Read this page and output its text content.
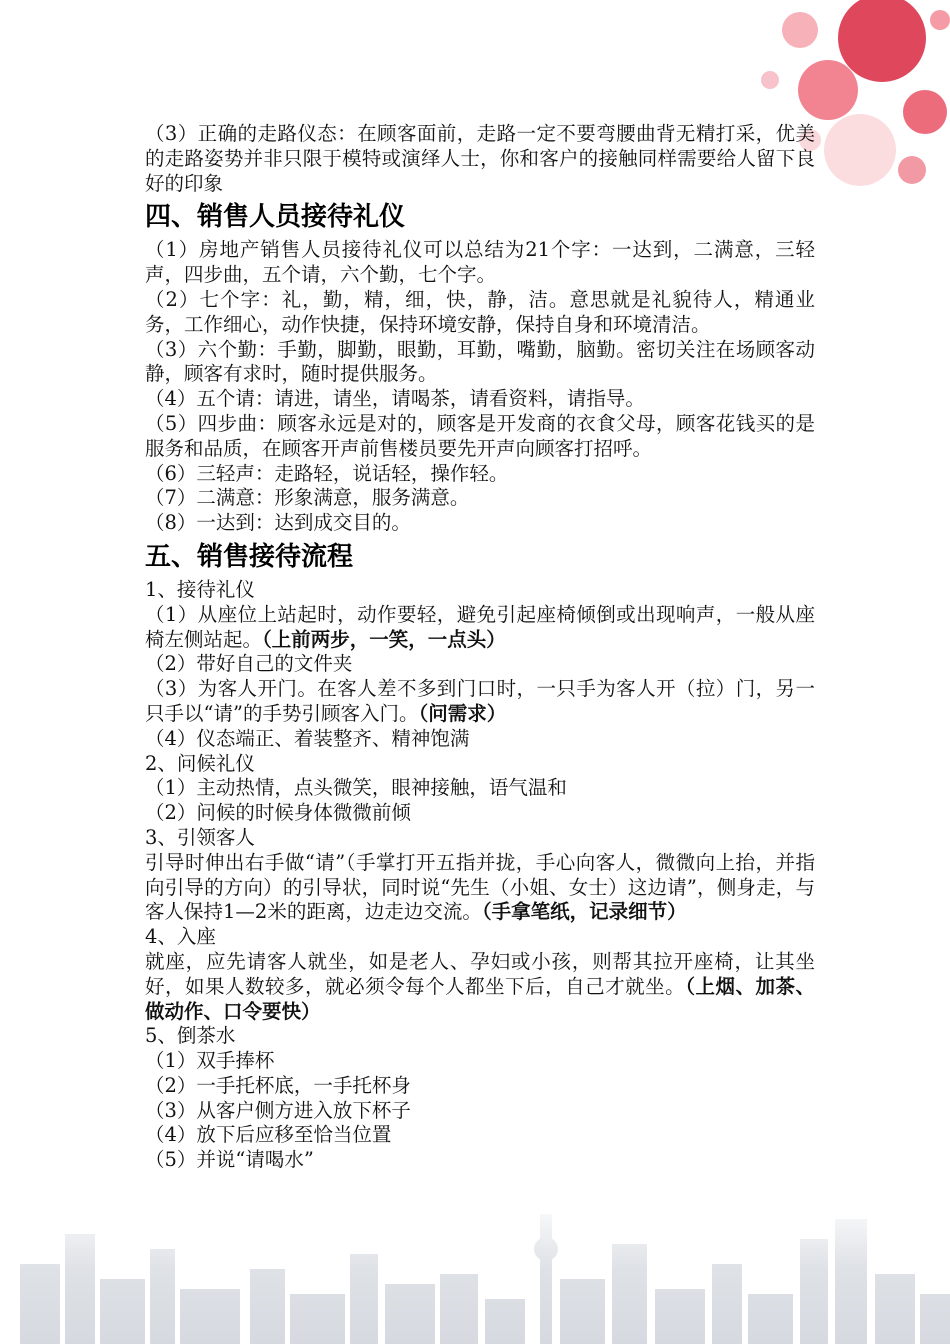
（3）正确的走路仪态：在顾客面前，走路一定不要弯腰曲背无精打采，优美的走路姿势并非只限于模特或演绎人士，你和客户的接触同样需要给人留下良好的印象

四、销售人员接待礼仪

（1）房地产销售人员接待礼仪可以总结为21个字：一达到，二满意，三轻声，四步曲，五个请，六个勤，七个字。

（2）七个字：礼，勤，精，细，快，静，洁。意思就是礼貌待人，精通业务，工作细心，动作快捷，保持环境安静，保持自身和环境清洁。

（3）六个勤：手勤，脚勤，眼勤，耳勤，嘴勤，脑勤。密切关注在场顾客动静，顾客有求时，随时提供服务。

（4）五个请：请进，请坐，请喝茶，请看资料，请指导。

（5）四步曲：顾客永远是对的，顾客是开发商的衣食父母，顾客花钱买的是服务和品质，在顾客开声前售楼员要先开声向顾客打招呼。

（6）三轻声：走路轻，说话轻，操作轻。

（7）二满意：形象满意，服务满意。

（8）一达到：达到成交目的。

五、销售接待流程

1、接待礼仪

（1）从座位上站起时，动作要轻，避免引起座椅倾倒或出现响声，一般从座椅左侧站起。（上前两步，一笑，一点头）

（2）带好自己的文件夹

（3）为客人开门。在客人差不多到门口时，一只手为客人开（拉）门，另一只手以“请”的手势引顾客入门。（问需求）

（4）仪态端正、着装整齐、精神饱满

2、问候礼仪

（1）主动热情，点头微笑，眼神接触，语气温和

（2）问候的时候身体微微前倾

3、引领客人

引导时伸出右手做“请”（手掌打开五指并拢，手心向客人，微微向上抬，并指向引导的方向）的引导状，同时说“先生（小姐、女士）这边请”，侧身走，与客人保持1—2米的距离，边走边交流。（手拿笔纸，记录细节）

4、入座

就座，应先请客人就坐，如是老人、孕妇或小孩，则帮其拉开座椅，让其坐好，如果人数较多，就必须令每个人都坐下后，自己才就坐。（上烟、加茶、做动作、口令要快）

5、倒茶水

（1）双手捧杯

（2）一手托杯底，一手托杯身

（3）从客户侧方进入放下杯子

（4）放下后应移至恰当位置

（5）并说“请喝水”
